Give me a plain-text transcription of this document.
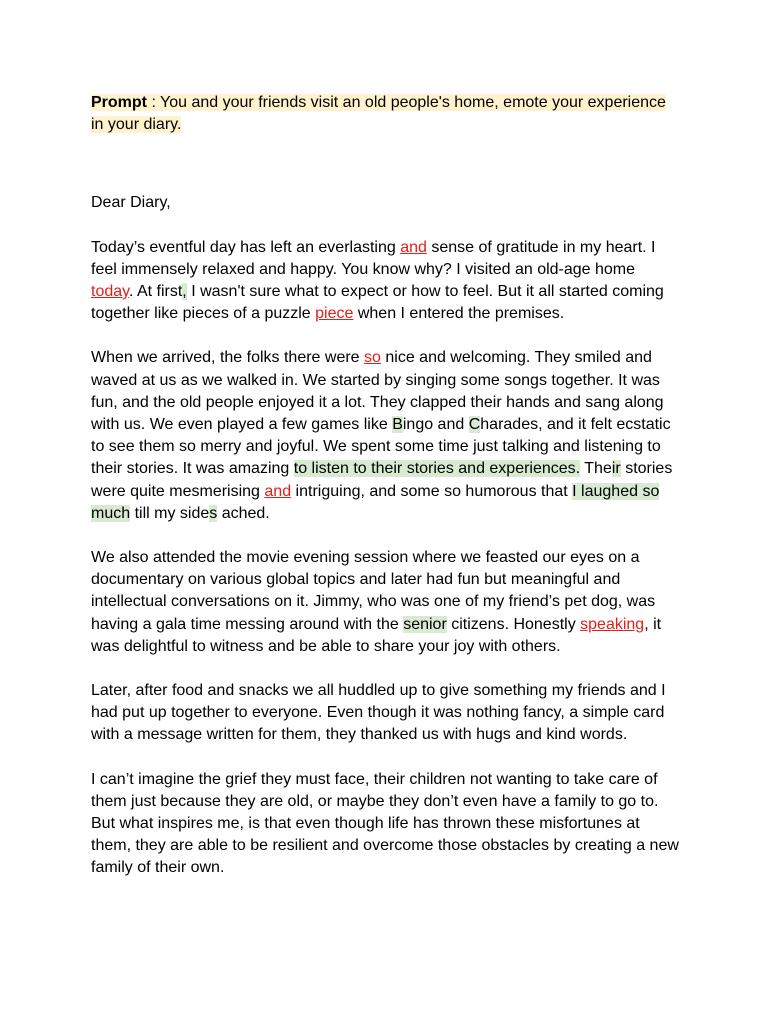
Prompt : You and your friends visit an old people's home, emote your experience in your diary.

Dear Diary,

Today’s eventful day has left an everlasting and sense of gratitude in my heart. I feel immensely relaxed and happy. You know why? I visited an old-age home today. At first, I wasn't sure what to expect or how to feel. But it all started coming together like pieces of a puzzle piece when I entered the premises.

When we arrived, the folks there were so nice and welcoming. They smiled and waved at us as we walked in. We started by singing some songs together. It was fun, and the old people enjoyed it a lot. They clapped their hands and sang along with us. We even played a few games like Bingo and Charades, and it felt ecstatic to see them so merry and joyful. We spent some time just talking and listening to their stories. It was amazing to listen to their stories and experiences. Their stories were quite mesmerising and intriguing, and some so humorous that I laughed so much till my sides ached.

We also attended the movie evening session where we feasted our eyes on a documentary on various global topics and later had fun but meaningful and intellectual conversations on it. Jimmy, who was one of my friend’s pet dog, was having a gala time messing around with the senior citizens. Honestly speaking, it was delightful to witness and be able to share your joy with others.

Later, after food and snacks we all huddled up to give something my friends and I had put up together to everyone. Even though it was nothing fancy, a simple card with a message written for them, they thanked us with hugs and kind words.

I can’t imagine the grief they must face, their children not wanting to take care of them just because they are old, or maybe they don’t even have a family to go to. But what inspires me, is that even though life has thrown these misfortunes at them, they are able to be resilient and overcome those obstacles by creating a new family of their own.
